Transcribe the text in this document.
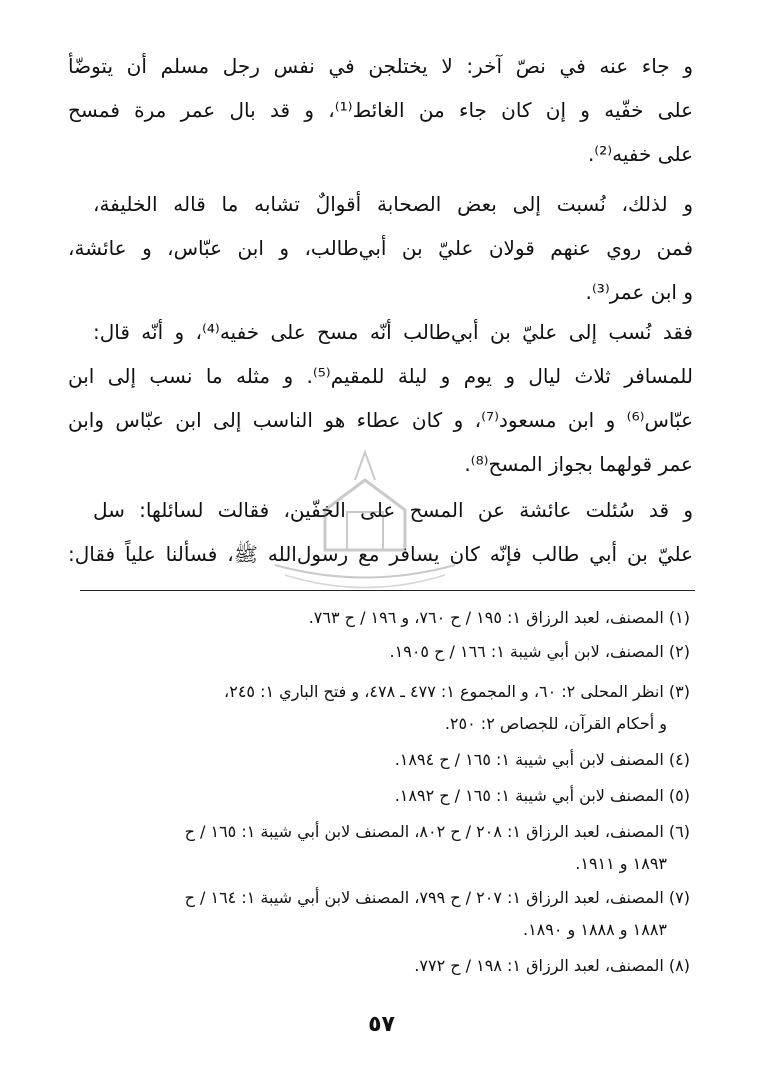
و جاء عنه في نصّ آخر: لا يختلجن في نفس رجل مسلم أن يتوضّأ
على خفّيه و إن كان جاء من الغائط⁽¹⁾، و قد بال عمر مرة فمسح
على خفيه⁽²⁾.
و لذلك، نُسبت إلى بعض الصحابة أقوالٌ تشابه ما قاله الخليفة،
فمن روي عنهم قولان عليّ بن أبي‌طالب، و ابن عبّاس، و عائشة،
و ابن عمر⁽³⁾.
فقد نُسب إلى عليّ بن أبي‌طالب أنّه مسح على خفيه⁽⁴⁾، و أنّه قال:
للمسافر ثلاث ليال و يوم و ليلة للمقيم⁽⁵⁾. و مثله ما نسب إلى ابن
عبّاس⁽⁶⁾ و ابن مسعود⁽⁷⁾، و كان عطاء هو الناسب إلى ابن عبّاس وابن
عمر قولهما بجواز المسح⁽⁸⁾.
و قد سُئلت عائشة عن المسح على الخفّين، فقالت لسائلها: سل
عليّ بن أبي طالب فإنّه كان يسافر مع رسول‌الله ﷺ، فسألنا علياً فقال:
(١) المصنف، لعبد الرزاق ١: ١٩٥ / ح ٧٦٠، و ١٩٦ / ح ٧٦٣.
(٢) المصنف، لابن أبي شيبة ١: ١٦٦ / ح ١٩٠٥.
(٣) انظر المحلى ٢: ٦٠، و المجموع ١: ٤٧٧ ـ ٤٧٨، و فتح الباري ١: ٢٤٥،
و أحكام القرآن، للجصاص ٢: ٢٥٠.
(٤) المصنف لابن أبي شيبة ١: ١٦٥ / ح ١٨٩٤.
(٥) المصنف لابن أبي شيبة ١: ١٦٥ / ح ١٨٩٢.
(٦) المصنف، لعبد الرزاق ١: ٢٠٨ / ح ٨٠٢، المصنف لابن أبي شيبة ١: ١٦٥ / ح
١٨٩٣ و ١٩١١.
(٧) المصنف، لعبد الرزاق ١: ٢٠٧ / ح ٧٩٩، المصنف لابن أبي شيبة ١: ١٦٤ / ح
١٨٨٣ و ١٨٨٨ و ١٨٩٠.
(٨) المصنف، لعبد الرزاق ١: ١٩٨ / ح ٧٧٢.
٥٧
